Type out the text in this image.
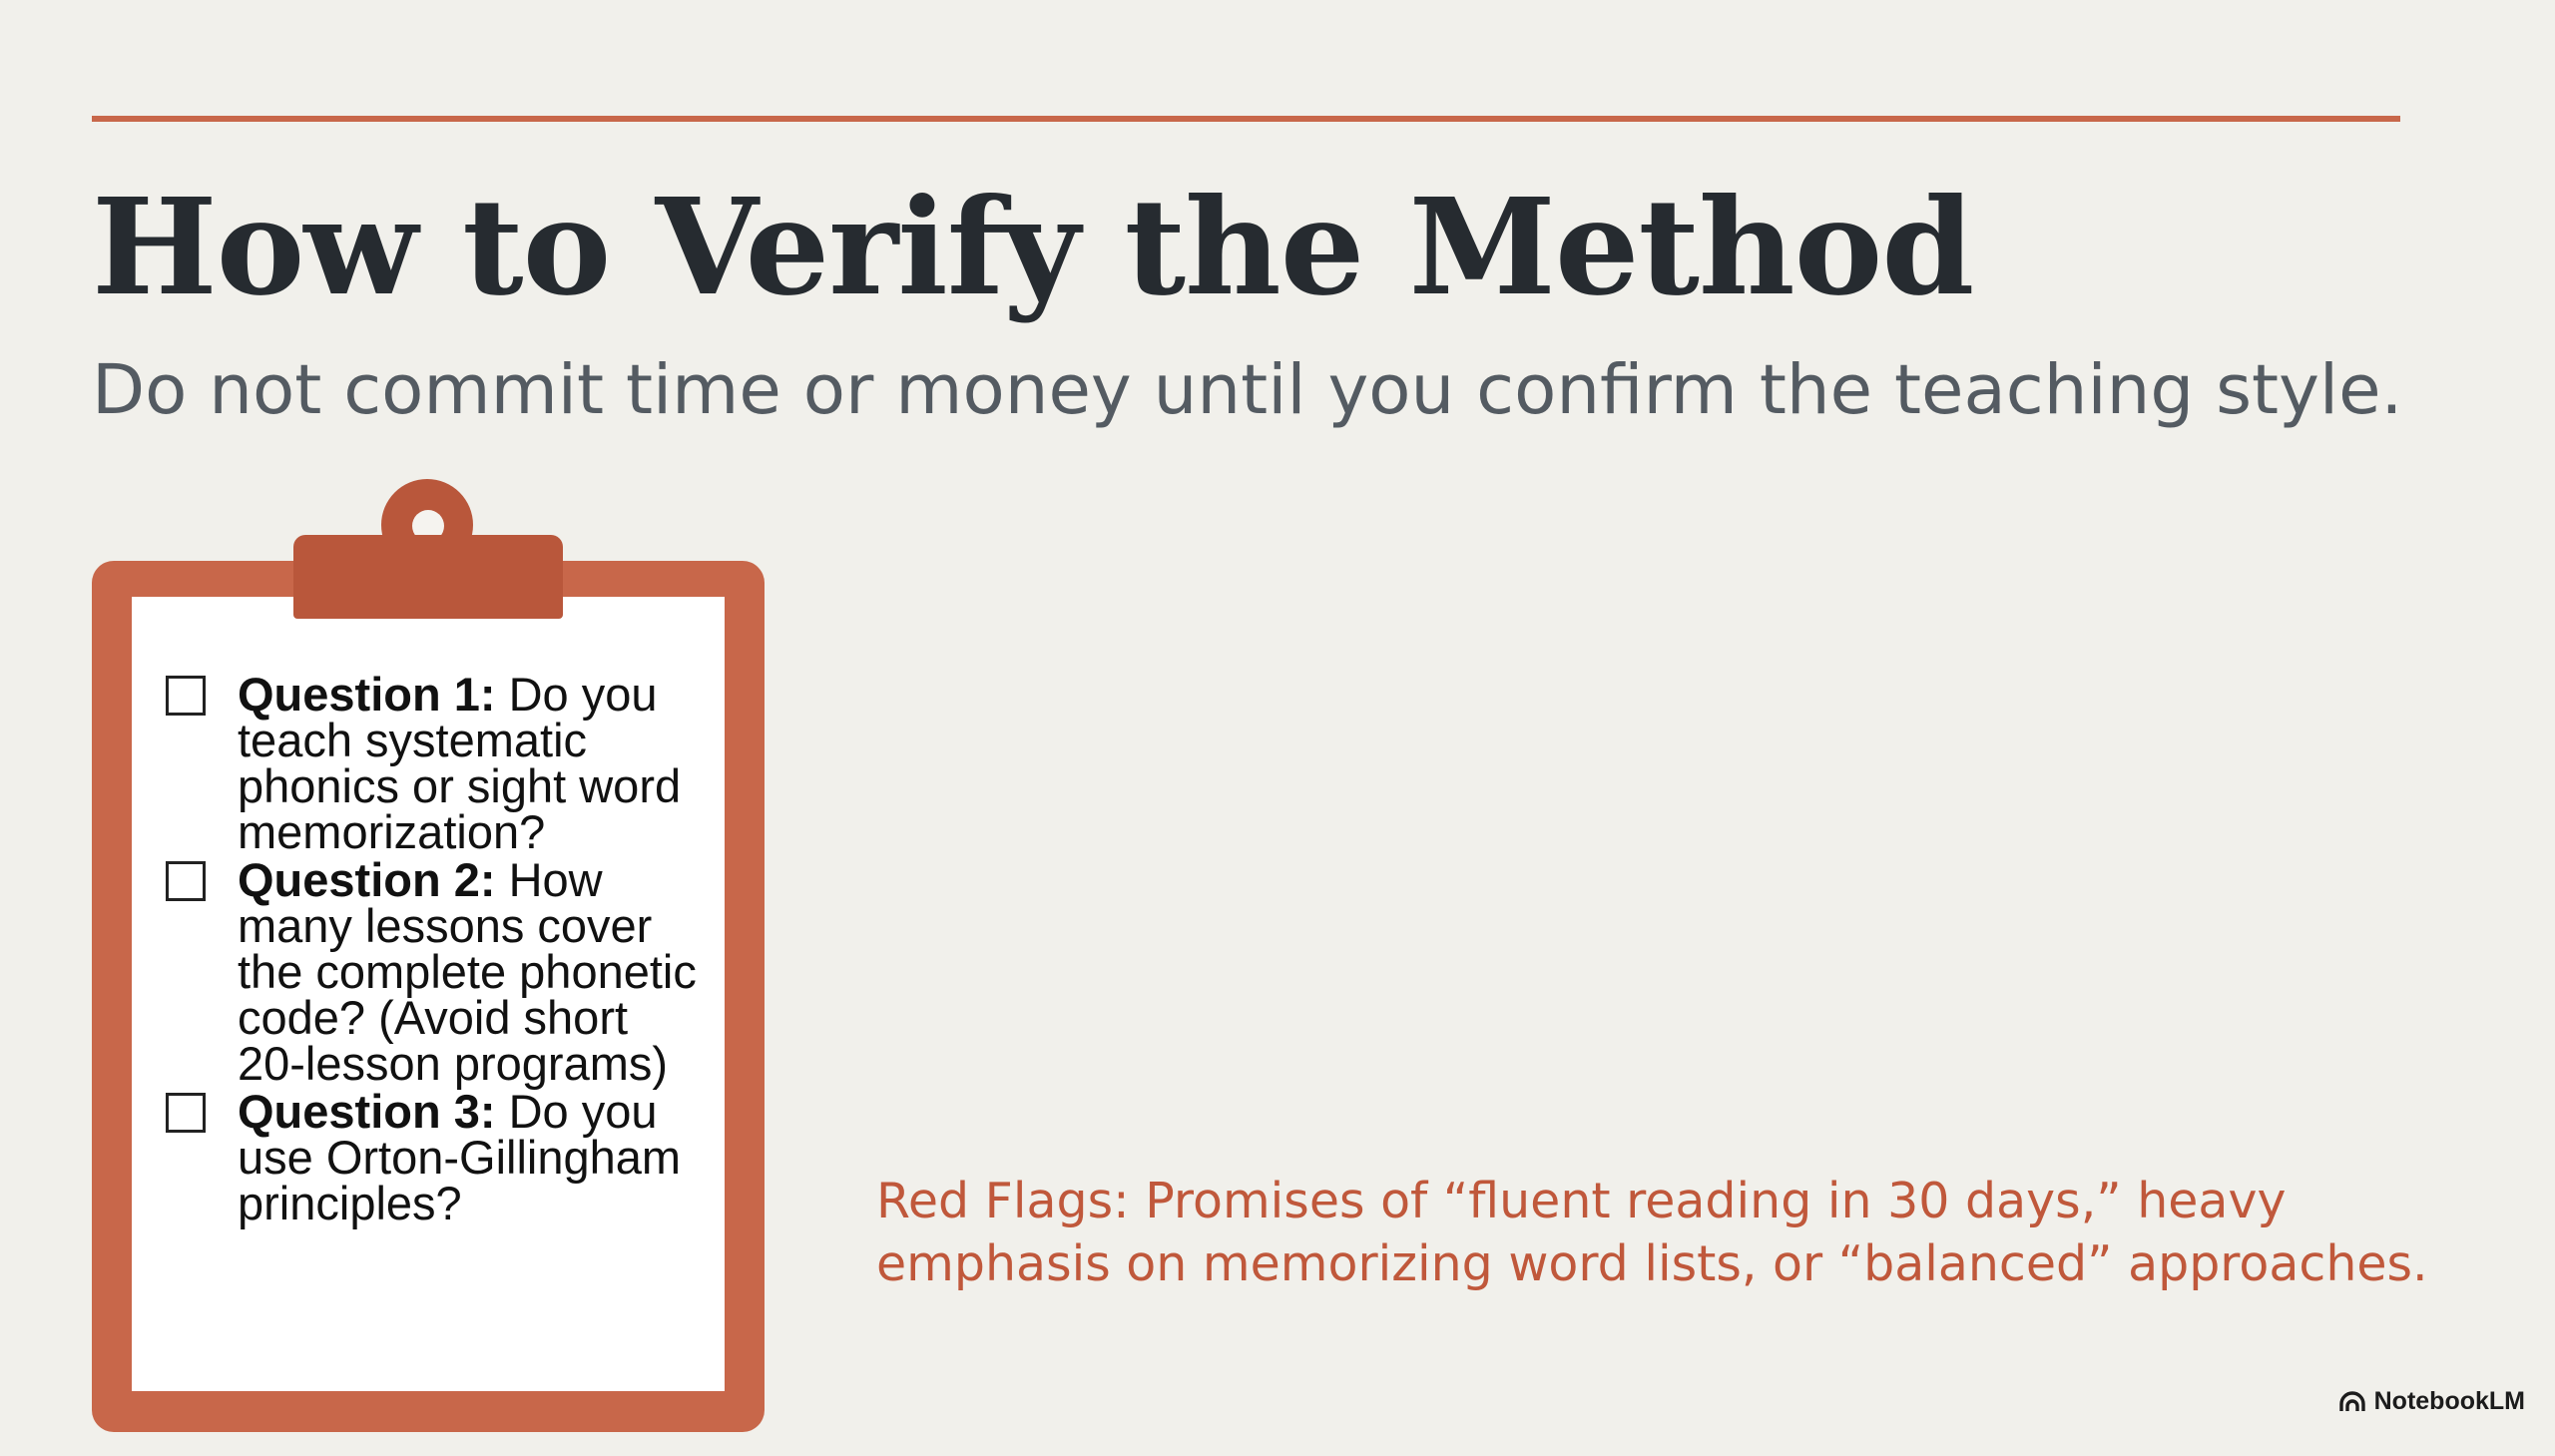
How to Verify the Method

Do not commit time or money until you confirm the teaching style.

Question 1: Do you teach systematic phonics or sight word memorization?
Question 2: How many lessons cover the complete phonetic code? (Avoid short 20-lesson programs)
Question 3: Do you use Orton-Gillingham principles?	Red Flags: Promises of “fluent reading in 30 days,” heavy emphasis on memorizing word lists, or “balanced” approaches.

NotebookLM
